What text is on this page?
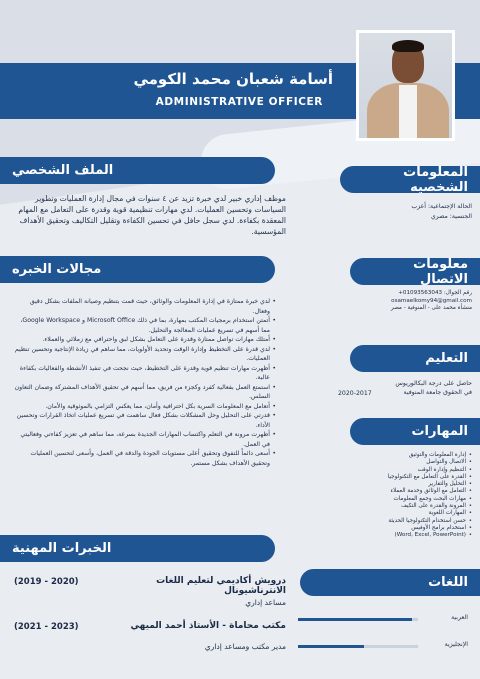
أسامة شعبان محمد الكومي
ADMINISTRATIVE OFFICER
الملف الشخصي
موظف إداري خبير لدي خبرة تزيد عن ٤ سنوات في مجال إدارة العمليات وتطوير السياسات وتحسين العمليات. لدي مهارات تنظيمية قوية وقدرة على التعامل مع المهام المعقدة بكفاءة. لدي سجل حافل في تحسين الكفاءة وتقليل التكاليف وتحقيق الأهداف المؤسسية.
مجالات الخبره
• لدي خبرة ممتازة في إدارة المعلومات والوثائق، حيث قمت بتنظيم وصيانة الملفات بشكل دقيق وفعال.
• أتمتن استخدام برمجيات المكتب بمهارة، بما في ذلك Microsoft Office و Google Workspace، مما أسهم في تسريع عمليات المعالجة والتحليل.
• أمتلك مهارات تواصل ممتازة وقدرة على التعامل بشكل لبق واحترافي مع زملائي والعملاء.
• لدي قدرة على التخطيط وإدارة الوقت وتحديد الأولويات، مما ساهم في زيادة الإنتاجية وتحسين تنظيم العمليات.
• أظهرت مهارات تنظيم قوية وقدرة على التخطيط، حيث نجحت في تنفيذ الأنشطة والفعاليات بكفاءة عالية.
• استمتع العمل بفعالية كفرد وكجزء من فريق، مما أسهم في تحقيق الأهداف المشتركة وضمان التعاون السلس.
• أتعامل مع المعلومات السرية بكل احترافية وأمان، مما يعكس التزامي بالموثوقية والأمان.
• قدرتي على التحليل وحل المشكلات بشكل فعال ساهمت في تسريع عمليات اتخاذ القرارات وتحسين الأداء.
• أظهرت مرونة في التعلم واكتساب المهارات الجديدة بسرعة، مما ساهم في تعزيز كفاءتي وفعاليتي في العمل.
• أسعى دائماً للتفوق وتحقيق أعلى مستويات الجودة والدقة في العمل، وأسعى لتحسين العمليات وتحقيق الأهداف بشكل مستمر.
الخبرات المهنية
درويش أكاديمي لتعليم اللغات الانترناشيونال
(2019 - 2020)
مساعد إداري
مكتب محاماة - الأستاذ أحمد الميهي
(2021 - 2023)
مدير مكتب ومساعد إداري
المعلومات الشخصيه
الحالة الإجتماعية: أعزب
الجنسية: مصري
معلومات الاتصال
رقم الجوال: 01093563043+
osamaelkomy94@gmail.com
منشأة محمد على - المنوفية - مصر
التعليم
حاصل على درجة البكالوريوس
في الحقوق جامعة المنوفية
2020-2017
المهارات
• إدارة المعلومات والتوثيق
• الاتصال والتواصل
• التنظيم وإدارة الوقت
• القدرة على التعامل مع التكنولوجيا
• التحليل والتقارير
• التعامل مع الوثائق وخدمة العملاء
• مهارات البحث وجمع المعلومات
• المرونة والقدرة على التكيف
• المهارات اللغوية
• حسن استخدام التكنولوجيا الحديثة
• استخدام برامج الأوفيس
• (Word, Excel, PowerPoint)
اللغات
العربية
الإنجليزية
